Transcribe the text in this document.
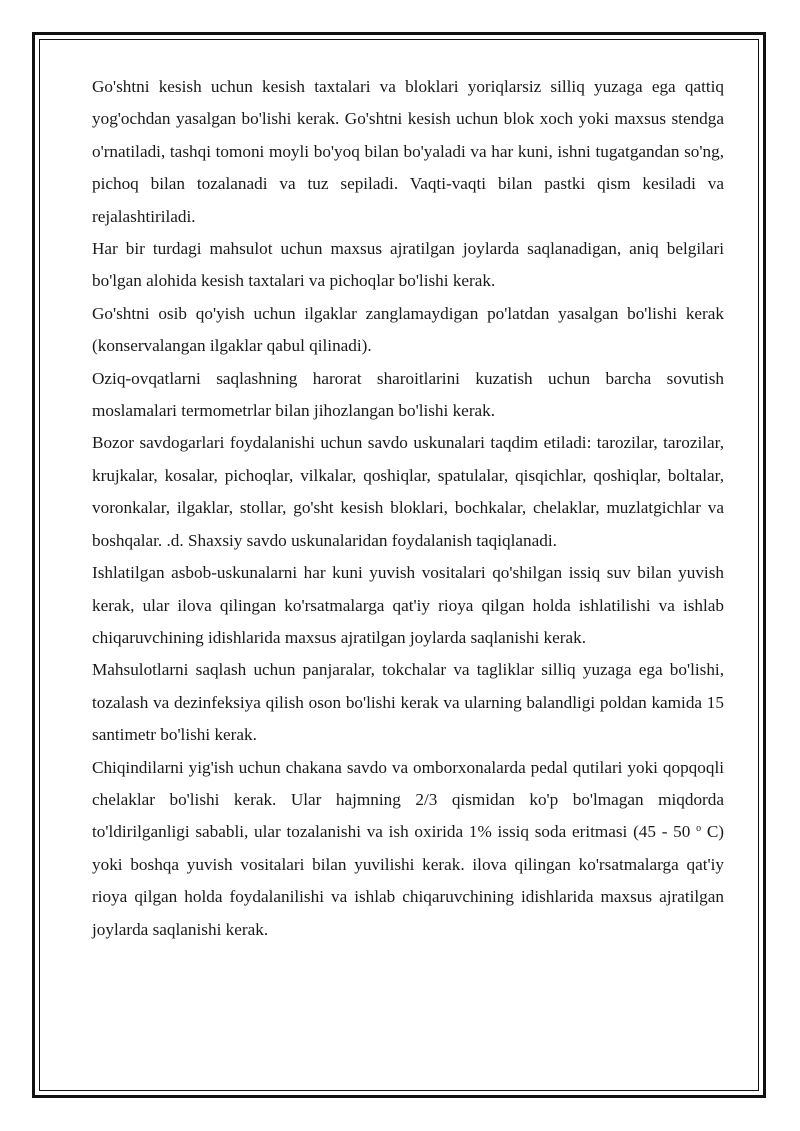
Go'shtni kesish uchun kesish taxtalari va bloklari yoriqlarsiz silliq yuzaga ega qattiq yog'ochdan yasalgan bo'lishi kerak. Go'shtni kesish uchun blok xoch yoki maxsus stendga o'rnatiladi, tashqi tomoni moyli bo'yoq bilan bo'yaladi va har kuni, ishni tugatgandan so'ng, pichoq bilan tozalanadi va tuz sepiladi. Vaqti-vaqti bilan pastki qism kesiladi va rejalashtiriladi.

Har bir turdagi mahsulot uchun maxsus ajratilgan joylarda saqlanadigan, aniq belgilari bo'lgan alohida kesish taxtalari va pichoqlar bo'lishi kerak.

Go'shtni osib qo'yish uchun ilgaklar zanglamaydigan po'latdan yasalgan bo'lishi kerak (konservalangan ilgaklar qabul qilinadi).

Oziq-ovqatlarni saqlashning harorat sharoitlarini kuzatish uchun barcha sovutish moslamalari termometrlar bilan jihozlangan bo'lishi kerak.

Bozor savdogarlari foydalanishi uchun savdo uskunalari taqdim etiladi: tarozilar, tarozilar, krujkalar, kosalar, pichoqlar, vilkalar, qoshiqlar, spatulalar, qisqichlar, qoshiqlar, boltalar, voronkalar, ilgaklar, stollar, go'sht kesish bloklari, bochkalar, chelaklar, muzlatgichlar va boshqalar. .d. Shaxsiy savdo uskunalaridan foydalanish taqiqlanadi.

Ishlatilgan asbob-uskunalarni har kuni yuvish vositalari qo'shilgan issiq suv bilan yuvish kerak, ular ilova qilingan ko'rsatmalarga qat'iy rioya qilgan holda ishlatilishi va ishlab chiqaruvchining idishlarida maxsus ajratilgan joylarda saqlanishi kerak.

Mahsulotlarni saqlash uchun panjaralar, tokchalar va tagliklar silliq yuzaga ega bo'lishi, tozalash va dezinfeksiya qilish oson bo'lishi kerak va ularning balandligi poldan kamida 15 santimetr bo'lishi kerak.

Chiqindilarni yig'ish uchun chakana savdo va omborxonalarda pedal qutilari yoki qopqoqli chelaklar bo'lishi kerak. Ular hajmning 2/3 qismidan ko'p bo'lmagan miqdorda to'ldirilganligi sababli, ular tozalanishi va ish oxirida 1% issiq soda eritmasi (45 - 50 $^o$ C) yoki boshqa yuvish vositalari bilan yuvilishi kerak. ilova qilingan ko'rsatmalarga qat'iy rioya qilgan holda foydalanilishi va ishlab chiqaruvchining idishlarida maxsus ajratilgan joylarda saqlanishi kerak.
